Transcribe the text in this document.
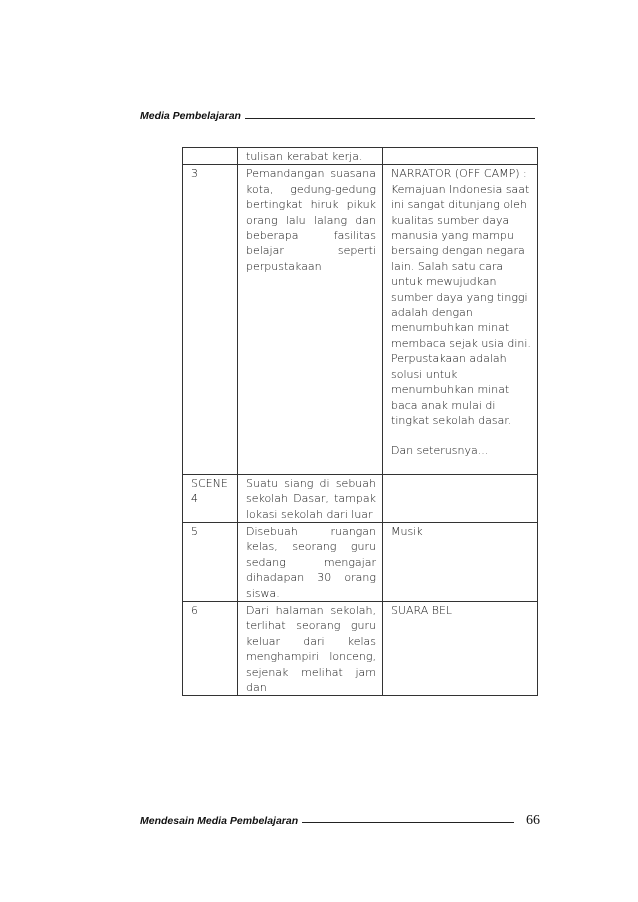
Media Pembelajaran
	tulisan kerabat kerja.	
3	Pemandangan suasana kota, gedung-gedung bertingkat hiruk pikuk orang lalu lalang dan beberapa fasilitas belajar seperti perpustakaan	NARRATOR (OFF CAMP) : Kemajuan Indonesia saat ini sangat ditunjang oleh kualitas sumber daya manusia yang mampu bersaing dengan negara lain. Salah satu cara untuk mewujudkan sumber daya yang tinggi adalah dengan menumbuhkan minat membaca sejak usia dini. Perpustakaan adalah solusi untuk menumbuhkan minat baca anak mulai di tingkat sekolah dasar.
Dan seterusnya...

SCENE 4	Suatu siang di sebuah sekolah Dasar, tampak lokasi sekolah dari luar	
5	Disebuah ruangan kelas, seorang guru sedang mengajar dihadapan 30 orang siswa.	Musik

6	Dari halaman sekolah, terlihat seorang guru keluar dari kelas menghampiri lonceng, sejenak melihat jam dan	SUARA BEL
Mendesain Media Pembelajaran	66
